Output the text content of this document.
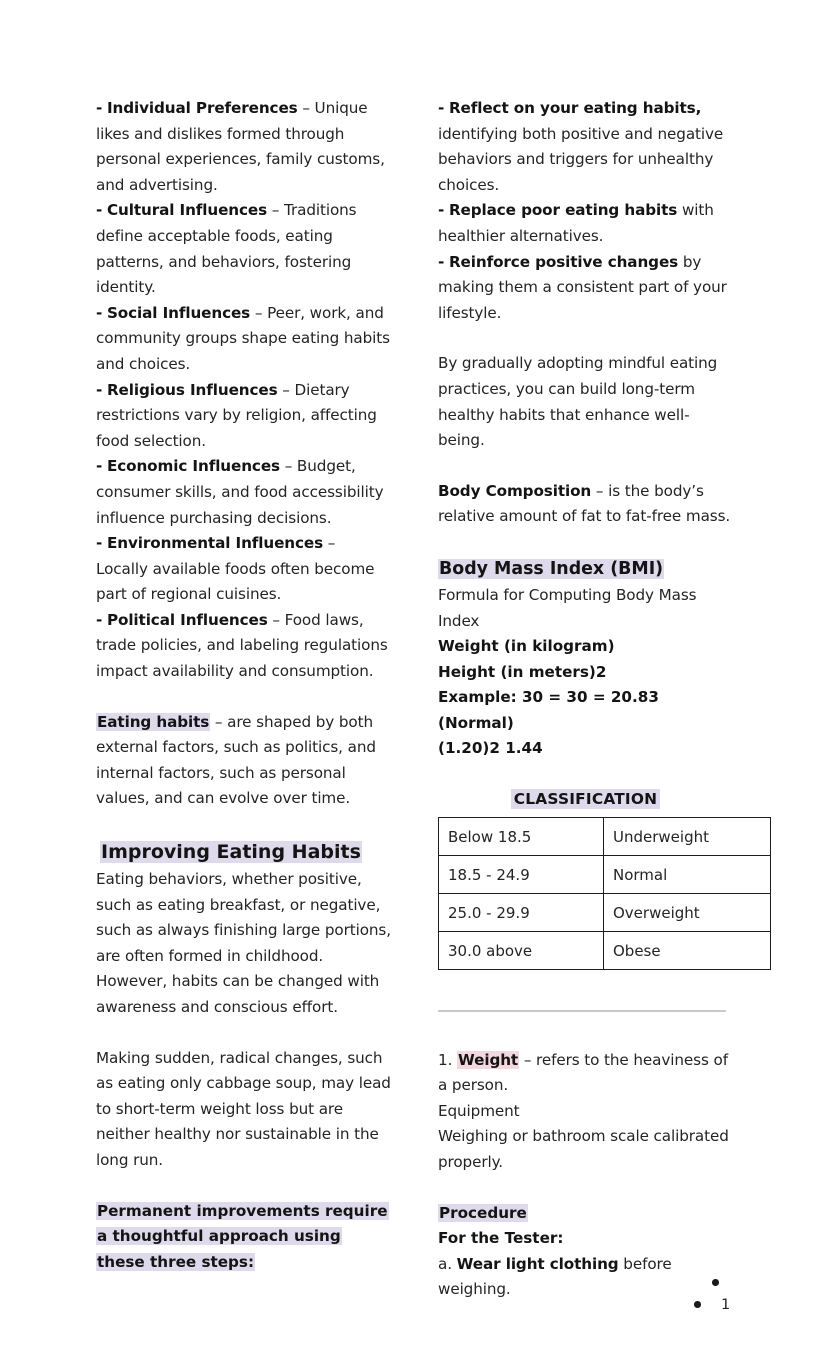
- Individual Preferences – Unique likes and dislikes formed through personal experiences, family customs, and advertising.

- Cultural Influences – Traditions define acceptable foods, eating patterns, and behaviors, fostering identity.

- Social Influences – Peer, work, and community groups shape eating habits and choices.

- Religious Influences – Dietary restrictions vary by religion, affecting food selection.

- Economic Influences – Budget, consumer skills, and food accessibility influence purchasing decisions.

- Environmental Influences – Locally available foods often become part of regional cuisines.

- Political Influences – Food laws, trade policies, and labeling regulations impact availability and consumption.

Eating habits – are shaped by both external factors, such as politics, and internal factors, such as personal values, and can evolve over time.

Improving Eating Habits

Eating behaviors, whether positive, such as eating breakfast, or negative, such as always finishing large portions, are often formed in childhood. However, habits can be changed with awareness and conscious effort.

Making sudden, radical changes, such as eating only cabbage soup, may lead to short-term weight loss but are neither healthy nor sustainable in the long run.

Permanent improvements require a thoughtful approach using these three steps:

- Reflect on your eating habits, identifying both positive and negative behaviors and triggers for unhealthy choices.

- Replace poor eating habits with healthier alternatives.

- Reinforce positive changes by making them a consistent part of your lifestyle.

By gradually adopting mindful eating practices, you can build long-term healthy habits that enhance well-being.

Body Composition – is the body’s relative amount of fat to fat-free mass.

Body Mass Index (BMI)

Formula for Computing Body Mass Index

Weight (in kilogram)

Height (in meters)2

Example: 30 = 30 = 20.83 (Normal)

(1.20)2 1.44

CLASSIFICATION

Below 18.5	Underweight
18.5 - 24.9	Normal
25.0 - 29.9	Overweight
30.0 above	Obese

1. Weight – refers to the heaviness of a person.

Equipment

Weighing or bathroom scale calibrated properly.

Procedure

For the Tester:

a. Wear light clothing before weighing.

1
